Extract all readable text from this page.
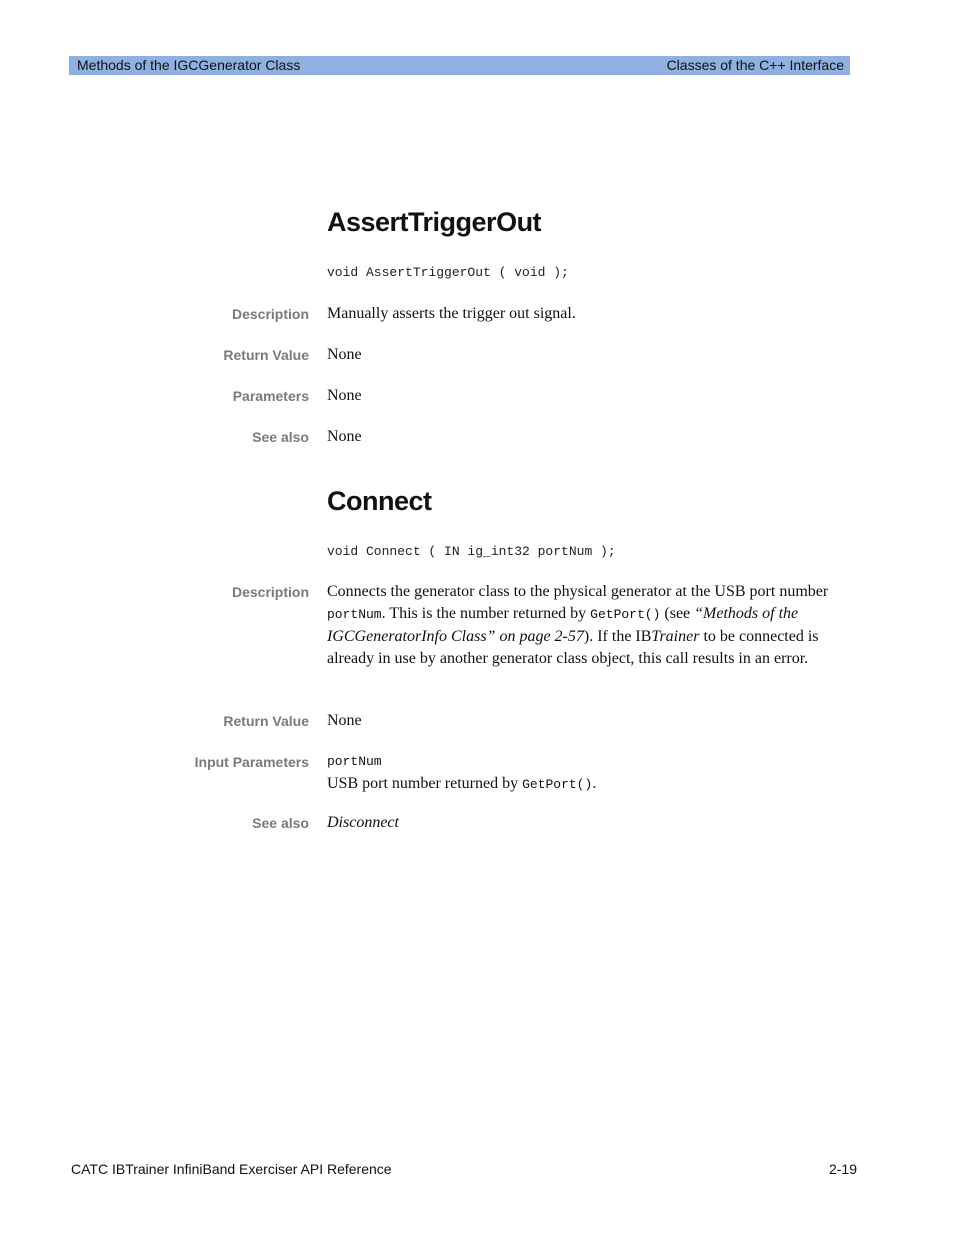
Methods of the IGCGenerator Class	Classes of the C++ Interface
AssertTriggerOut
void AssertTriggerOut ( void );
Description Manually asserts the trigger out signal.
Return Value None
Parameters None
See also None
Connect
void Connect ( IN ig_int32 portNum );
Description Connects the generator class to the physical generator at the USB port number portNum. This is the number returned by GetPort() (see “Methods of the IGCGeneratorInfo Class” on page 2-57). If the IBTrainer to be connected is already in use by another generator class object, this call results in an error.
Return Value None
Input Parameters portNum
USB port number returned by GetPort().
See also Disconnect
CATC IBTrainer InfiniBand Exerciser API Reference	2-19
